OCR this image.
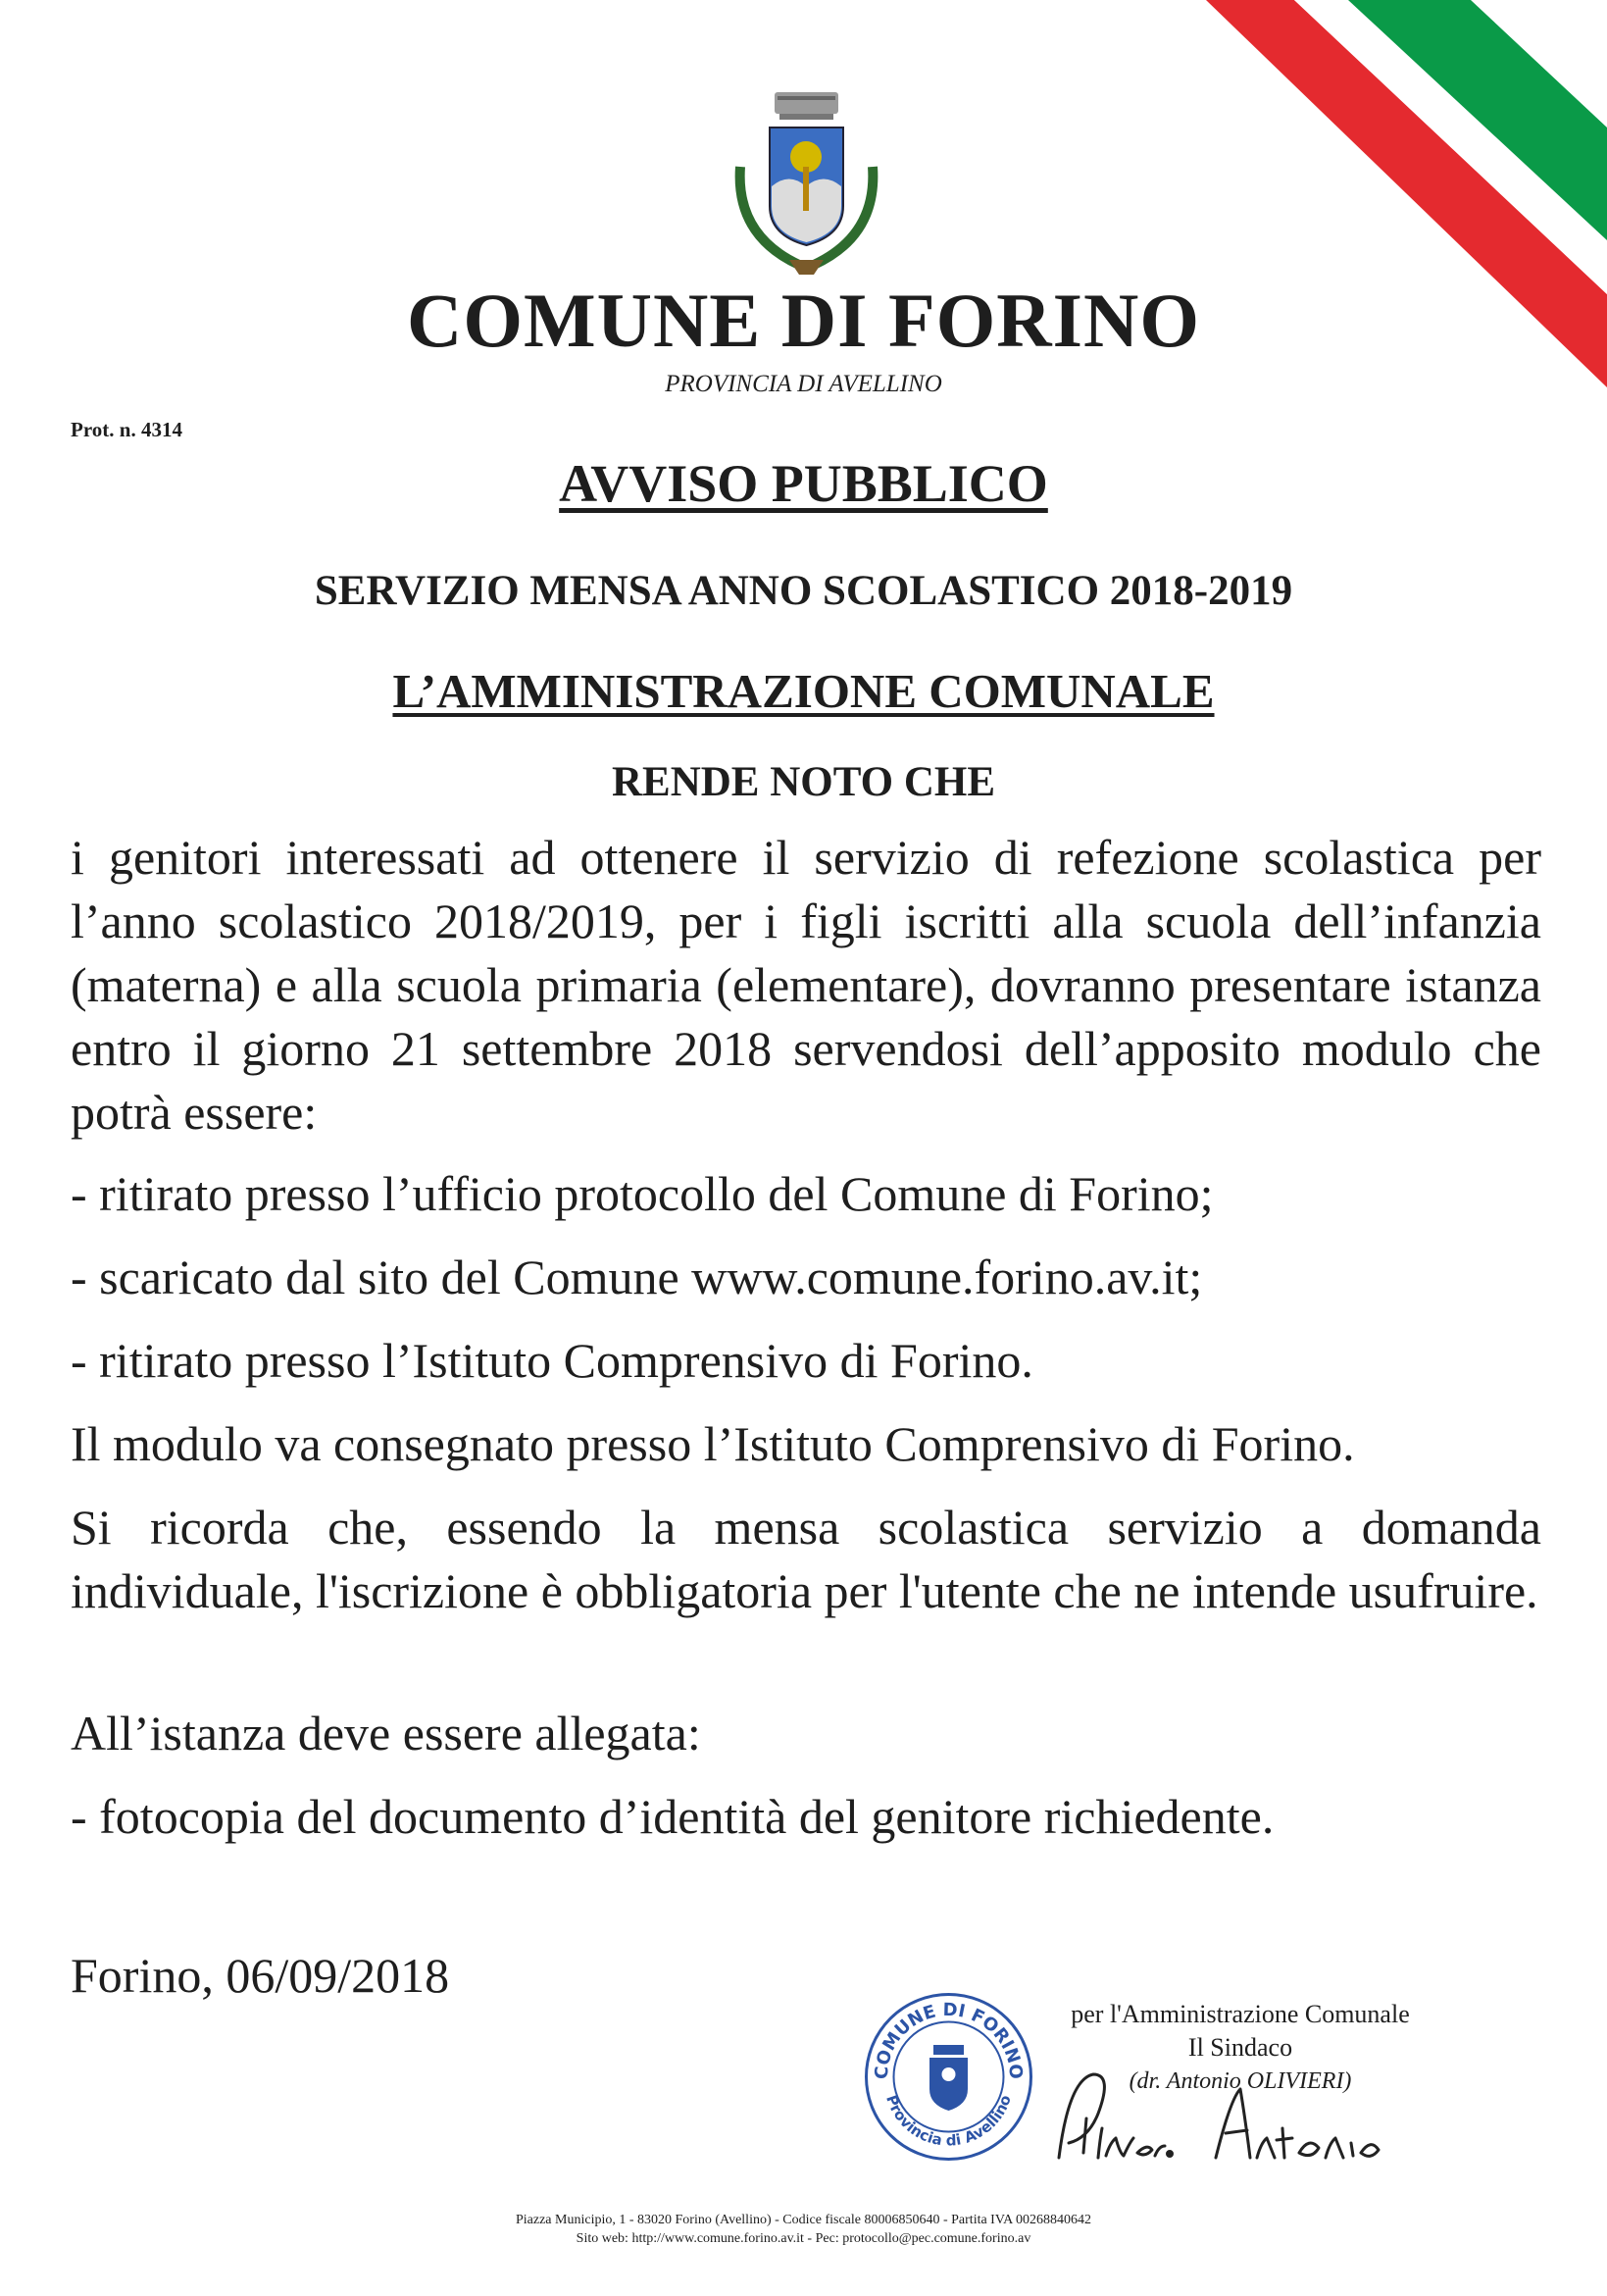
COMUNE DI FORINO
PROVINCIA DI AVELLINO
Prot. n. 4314
AVVISO PUBBLICO
SERVIZIO MENSA ANNO SCOLASTICO 2018-2019
L’AMMINISTRAZIONE COMUNALE
RENDE NOTO CHE
i genitori interessati ad ottenere il servizio di refezione scolastica per l’anno scolastico 2018/2019, per i figli iscritti alla scuola dell’infanzia (materna) e alla scuola primaria (elementare), dovranno presentare istanza entro il giorno 21 settembre 2018 servendosi dell’apposito modulo che potrà essere:
- ritirato presso l’ufficio protocollo del Comune di Forino;
- scaricato dal sito del Comune www.comune.forino.av.it;
- ritirato presso l’Istituto Comprensivo di Forino.
Il modulo va consegnato presso l’Istituto Comprensivo di Forino.
Si ricorda che, essendo la mensa scolastica servizio a domanda individuale, l'iscrizione è obbligatoria per l'utente che ne intende usufruire.
All’istanza deve essere allegata:
- fotocopia del documento d’identità del genitore richiedente.
Forino, 06/09/2018
COMUNE DI FORINO
Provincia di Avellino
per l'Amministrazione Comunale
Il Sindaco
(dr. Antonio OLIVIERI)
Piazza Municipio, 1 - 83020 Forino (Avellino) - Codice fiscale 80006850640 - Partita IVA 00268840642
Sito web: http://www.comune.forino.av.it - Pec: protocollo@pec.comune.forino.av
